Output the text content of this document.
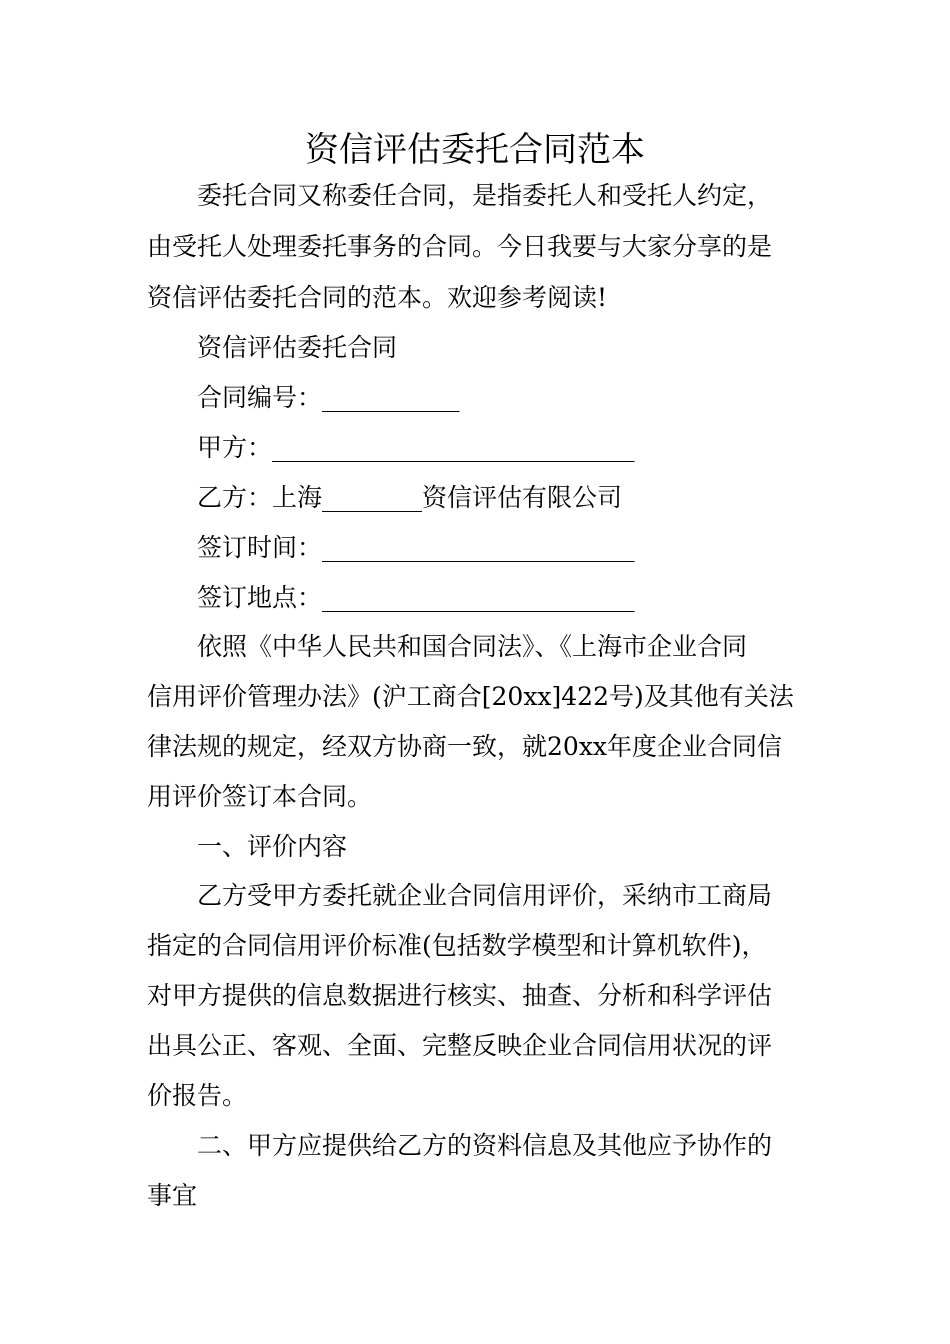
资信评估委托合同范本
委托合同又称委任合同，是指委托人和受托人约定，
由受托人处理委托事务的合同。今日我要与大家分享的是
资信评估委托合同的范本。欢迎参考阅读!
资信评估委托合同
合同编号：___________
甲方：_____________________________
乙方：上海________资信评估有限公司
签订时间：_________________________
签订地点：_________________________
依照《中华人民共和国合同法》、《上海市企业合同
信用评价管理办法》(沪工商合[20xx]422号)及其他有关法
律法规的规定，经双方协商一致，就20xx年度企业合同信
用评价签订本合同。
一、评价内容
乙方受甲方委托就企业合同信用评价，采纳市工商局
指定的合同信用评价标准(包括数学模型和计算机软件)，
对甲方提供的信息数据进行核实、抽查、分析和科学评估
出具公正、客观、全面、完整反映企业合同信用状况的评
价报告。
二、甲方应提供给乙方的资料信息及其他应予协作的
事宜
